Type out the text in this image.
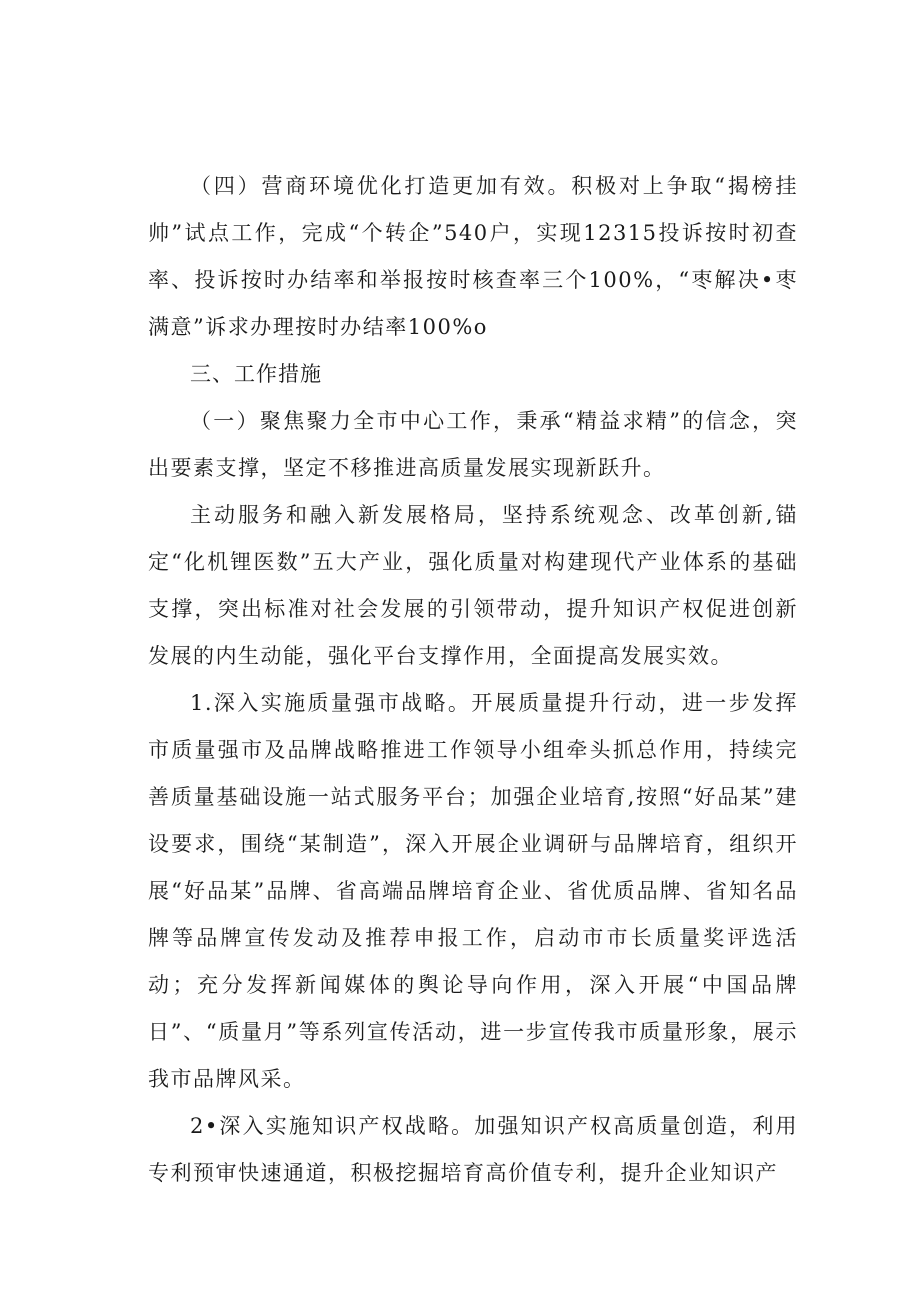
（四）营商环境优化打造更加有效。积极对上争取“揭榜挂帅”试点工作，完成“个转企”540户，实现12315投诉按时初查率、投诉按时办结率和举报按时核查率三个100%，“枣解决•枣满意”诉求办理按时办结率100%o

三、工作措施

（一）聚焦聚力全市中心工作，秉承“精益求精”的信念，突出要素支撑，坚定不移推进高质量发展实现新跃升。

主动服务和融入新发展格局，坚持系统观念、改革创新,锚定“化机锂医数”五大产业，强化质量对构建现代产业体系的基础支撑，突出标准对社会发展的引领带动，提升知识产权促进创新发展的内生动能，强化平台支撑作用，全面提高发展实效。

1.深入实施质量强市战略。开展质量提升行动，进一步发挥市质量强市及品牌战略推进工作领导小组牵头抓总作用，持续完善质量基础设施一站式服务平台；加强企业培育,按照“好品某”建设要求，围绕“某制造”，深入开展企业调研与品牌培育，组织开展“好品某”品牌、省高端品牌培育企业、省优质品牌、省知名品牌等品牌宣传发动及推荐申报工作，启动市市长质量奖评选活动；充分发挥新闻媒体的舆论导向作用，深入开展“中国品牌日”、“质量月”等系列宣传活动，进一步宣传我市质量形象，展示我市品牌风采。

2•深入实施知识产权战略。加强知识产权高质量创造，利用专利预审快速通道，积极挖掘培育高价值专利，提升企业知识产
